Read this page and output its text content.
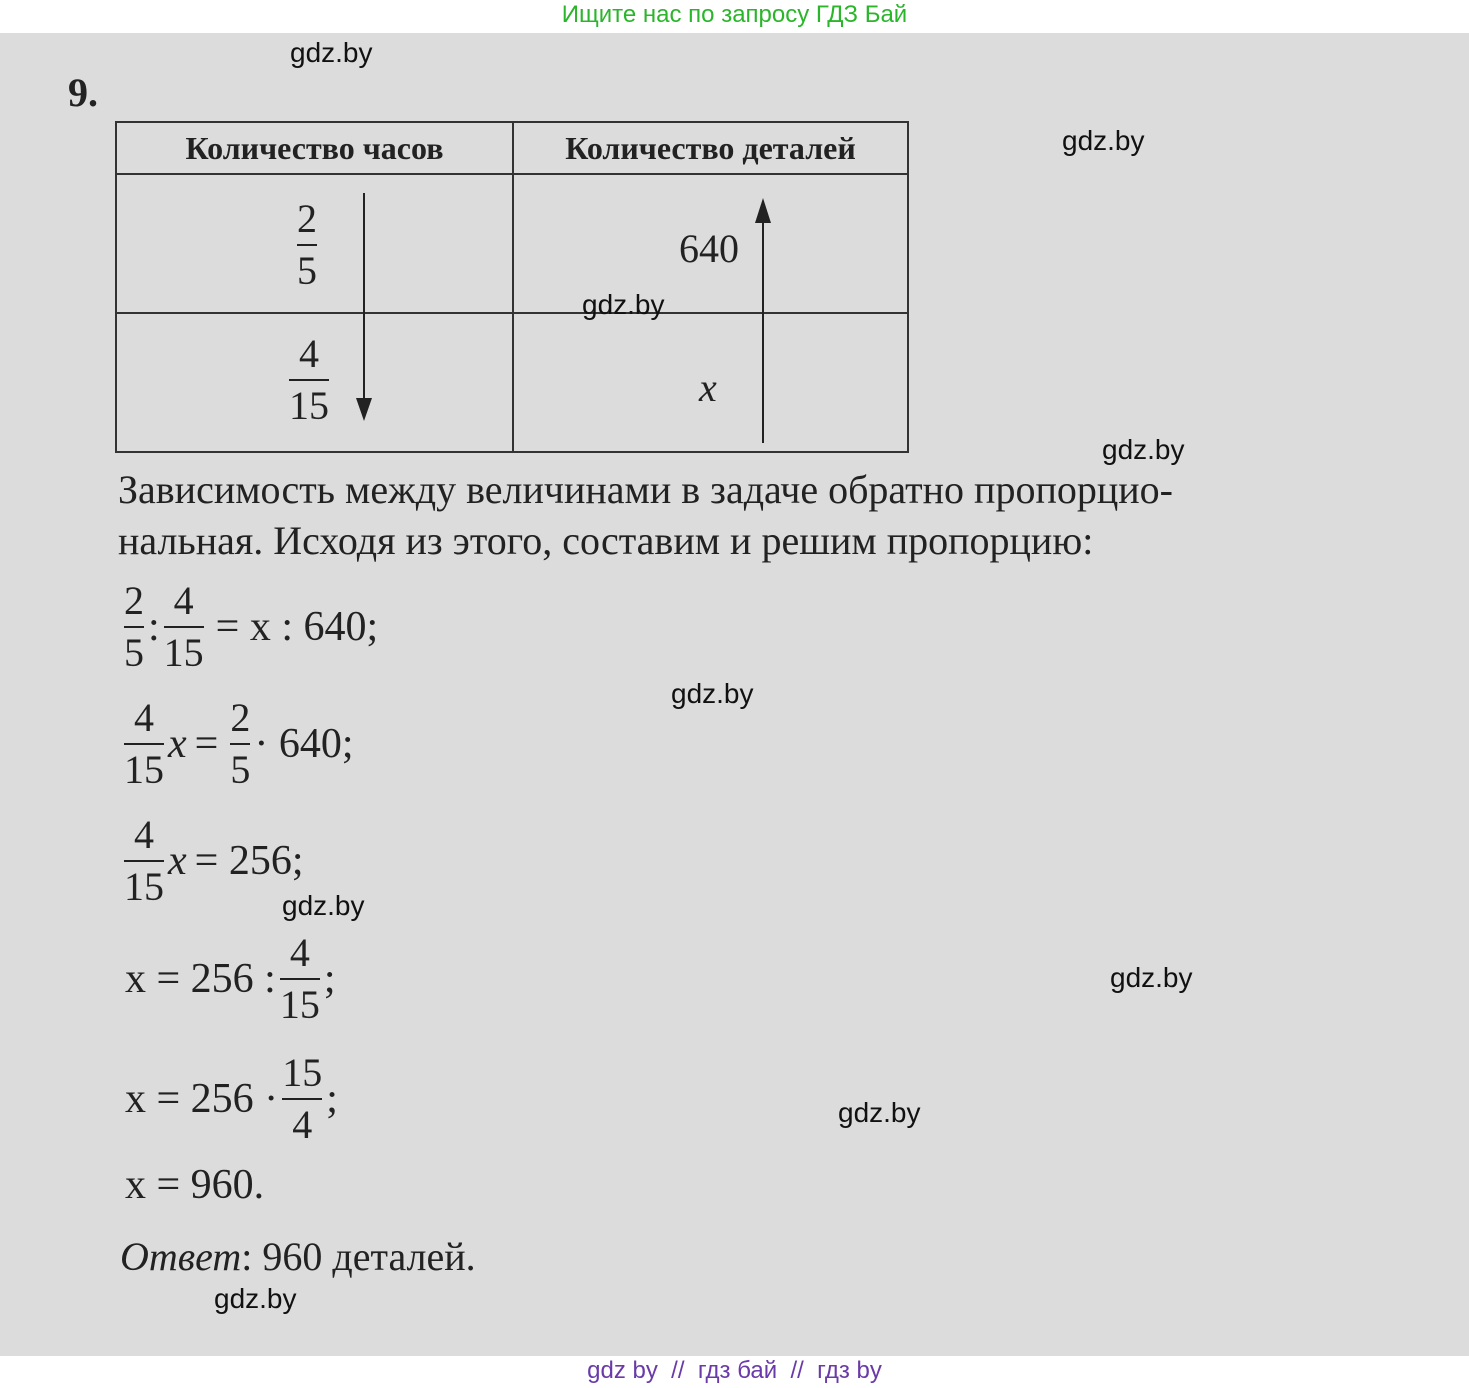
Ищите нас по запросу ГДЗ Бай
9.
Количество часов	Количество деталей

2
5	640

4
15	x
Зависимость между величинами в задаче обратно пропорцио-
нальная. Исходя из этого, составим и решим пропорцию:
$\frac{2}{5}$ : $\frac{4}{15} = x$ : 640;
$\frac{4}{15}$ $x = \frac{2}{5} \cdot 640$;
$\frac{4}{15}$ x = 256;
x = 256 : $\frac{4}{15}$ ;
$x = 256 \cdot \frac{15}{4}$ ;
x = 960.
Ответ: 960 деталей.
gdz.by
gdz.by
gdz.by
gdz.by
gdz.by
gdz.by
gdz.by
gdz.by
gdz.by
gdz by  //  гдз бай  //  гдз by
